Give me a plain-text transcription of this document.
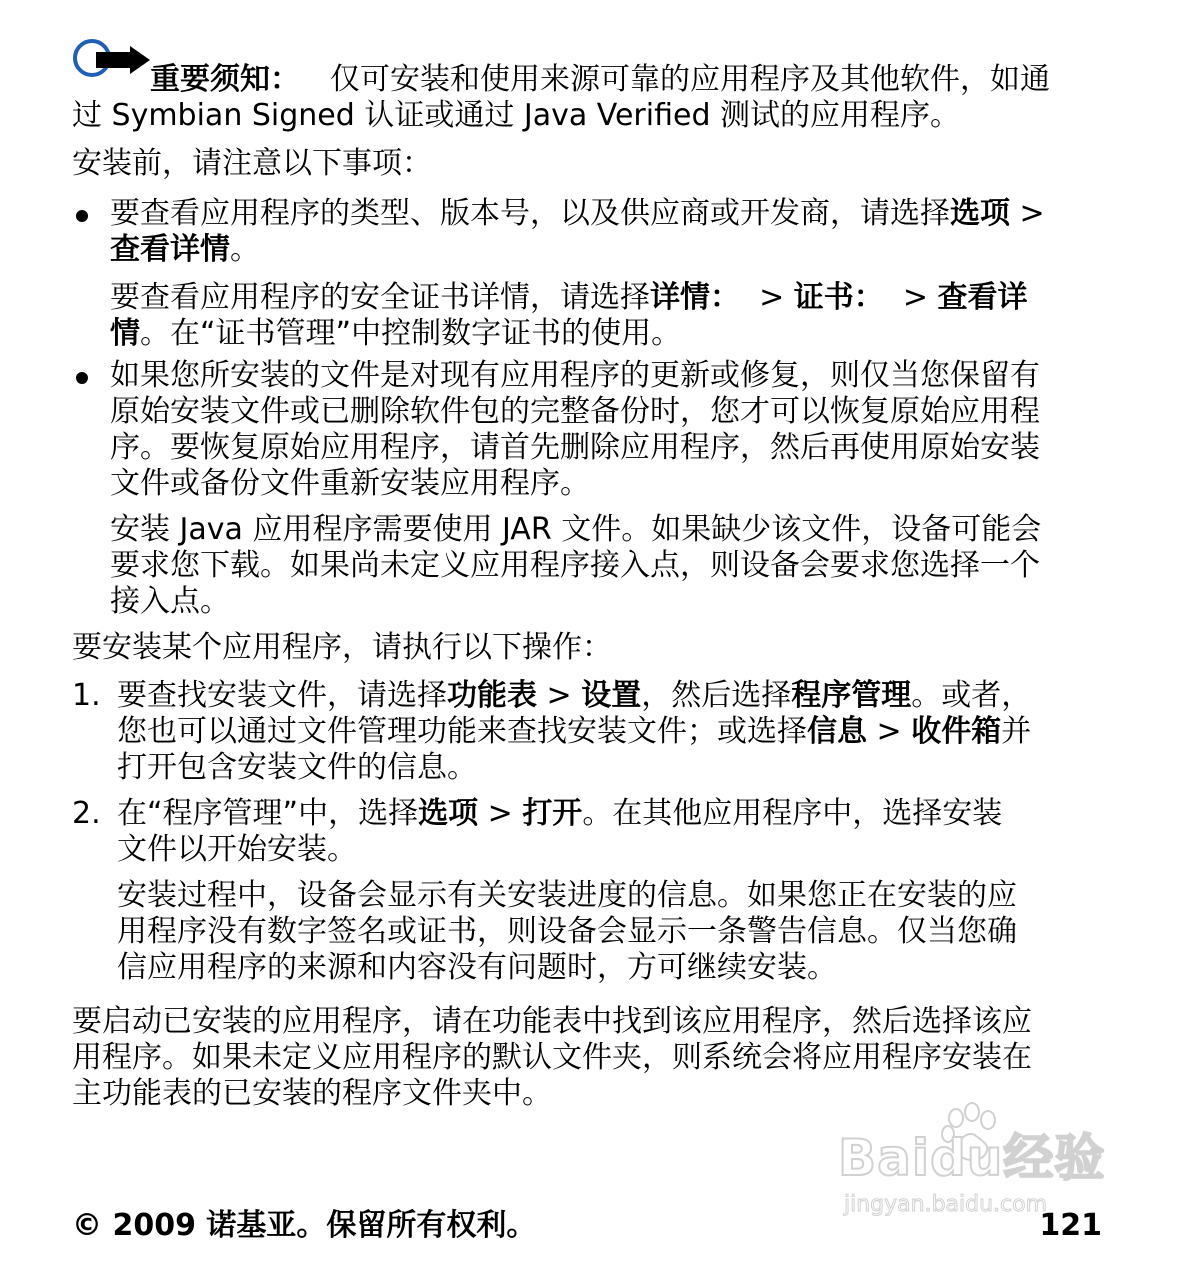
重要须知： 仅可安装和使用来源可靠的应用程序及其他软件，如通
过 Symbian Signed 认证或通过 Java Verified 测试的应用程序。

安装前，请注意以下事项：

要查看应用程序的类型、版本号，以及供应商或开发商，请选择选项 >
查看详情。

要查看应用程序的安全证书详情，请选择详情：  > 证书：  > 查看详
情。在“证书管理”中控制数字证书的使用。

如果您所安装的文件是对现有应用程序的更新或修复，则仅当您保留有
原始安装文件或已删除软件包的完整备份时，您才可以恢复原始应用程
序。要恢复原始应用程序，请首先删除应用程序，然后再使用原始安装
文件或备份文件重新安装应用程序。

安装 Java 应用程序需要使用 JAR 文件。如果缺少该文件，设备可能会
要求您下载。如果尚未定义应用程序接入点，则设备会要求您选择一个
接入点。

要安装某个应用程序，请执行以下操作：

1. 要查找安装文件，请选择功能表 > 设置，然后选择程序管理。或者，
您也可以通过文件管理功能来查找安装文件；或选择信息 > 收件箱并
打开包含安装文件的信息。

2. 在“程序管理”中，选择选项 > 打开。在其他应用程序中，选择安装
文件以开始安装。

安装过程中，设备会显示有关安装进度的信息。如果您正在安装的应
用程序没有数字签名或证书，则设备会显示一条警告信息。仅当您确
信应用程序的来源和内容没有问题时，方可继续安装。

要启动已安装的应用程序，请在功能表中找到该应用程序，然后选择该应
用程序。如果未定义应用程序的默认文件夹，则系统会将应用程序安装在
主功能表的已安装的程序文件夹中。

Baidu经验
jingyan.baidu.com
© 2009 诺基亚。保留所有权利。	121
